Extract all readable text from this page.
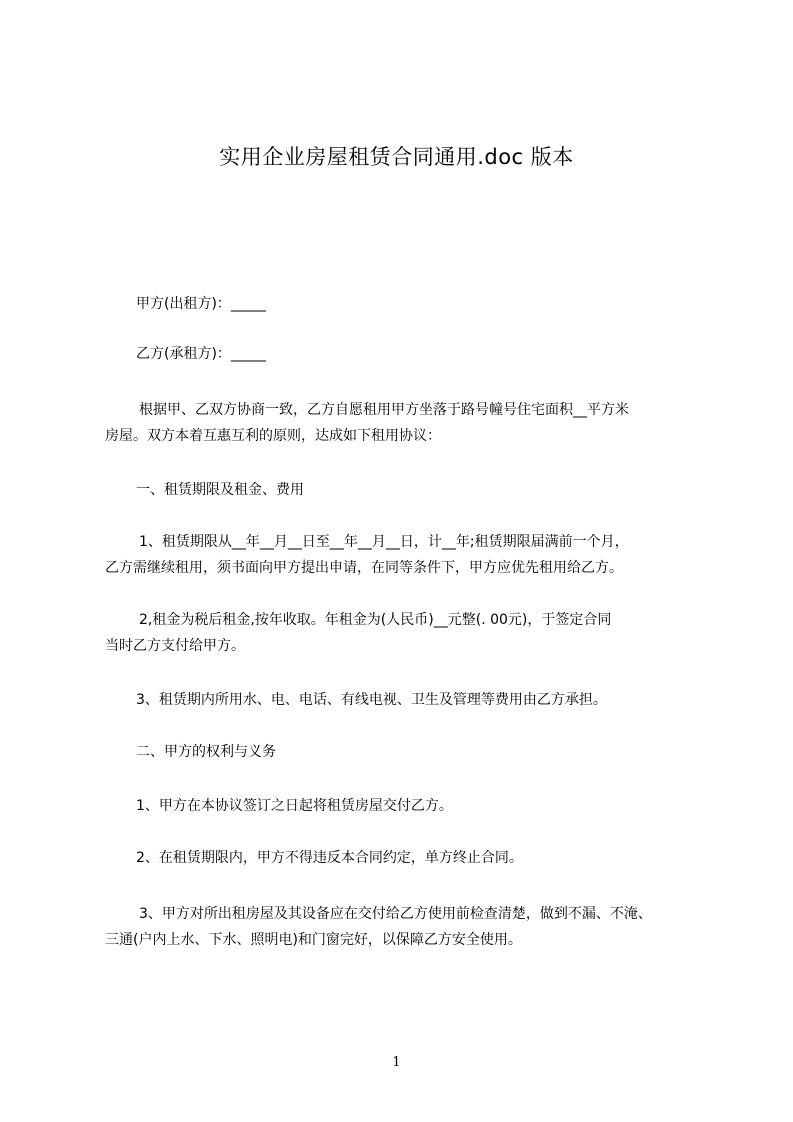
实用企业房屋租赁合同通用.doc 版本
甲方(出租方)：_____
乙方(承租方)：_____
根据甲、乙双方协商一致，乙方自愿租用甲方坐落于路号幢号住宅面积__平方米
房屋。双方本着互惠互利的原则，达成如下租用协议：
一、租赁期限及租金、费用
1、租赁期限从__年__月__日至__年__月__日，计__年;租赁期限届满前一个月，
乙方需继续租用，须书面向甲方提出申请，在同等条件下，甲方应优先租用给乙方。
2,租金为税后租金,按年收取。年租金为(人民币)__元整(. 00元)，于签定合同
当时乙方支付给甲方。
3、租赁期内所用水、电、电话、有线电视、卫生及管理等费用由乙方承担。
二、甲方的权利与义务
1、甲方在本协议签订之日起将租赁房屋交付乙方。
2、在租赁期限内，甲方不得违反本合同约定，单方终止合同。
3、甲方对所出租房屋及其设备应在交付给乙方使用前检查清楚，做到不漏、不淹、
三通(户内上水、下水、照明电)和门窗完好，以保障乙方安全使用。
1
